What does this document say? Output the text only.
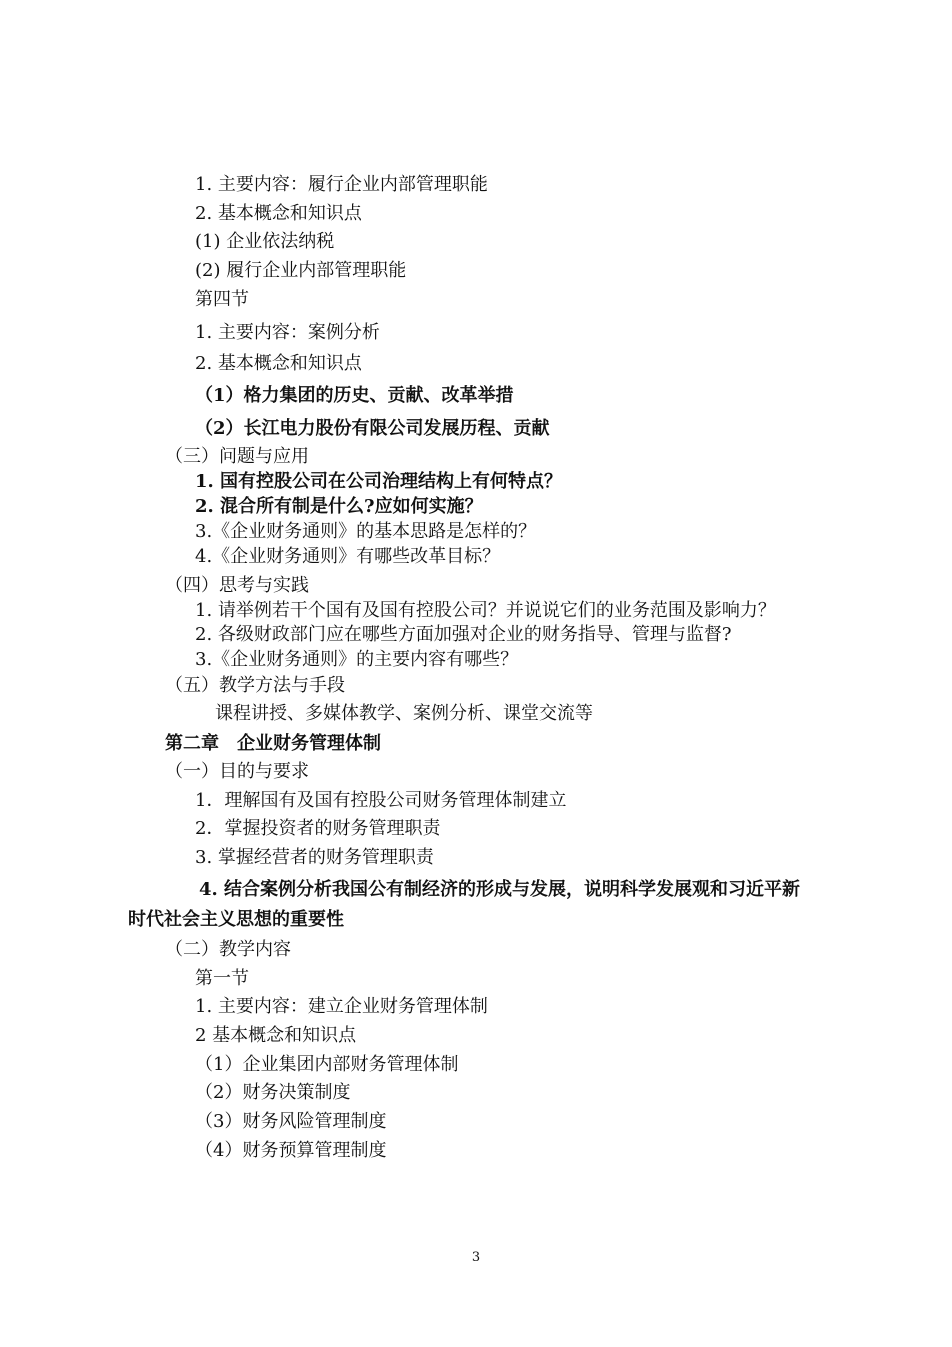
1. 主要内容：履行企业内部管理职能
2. 基本概念和知识点
(1) 企业依法纳税
(2) 履行企业内部管理职能
第四节
1. 主要内容：案例分析
2. 基本概念和知识点
（1）格力集团的历史、贡献、改革举措
（2）长江电力股份有限公司发展历程、贡献
（三）问题与应用
1. 国有控股公司在公司治理结构上有何特点？
2. 混合所有制是什么?应如何实施？
3.《企业财务通则》的基本思路是怎样的？
4.《企业财务通则》有哪些改革目标？
（四）思考与实践
1. 请举例若干个国有及国有控股公司？并说说它们的业务范围及影响力？
2. 各级财政部门应在哪些方面加强对企业的财务指导、管理与监督?
3.《企业财务通则》的主要内容有哪些？
（五）教学方法与手段
课程讲授、多媒体教学、案例分析、课堂交流等
第二章　企业财务管理体制
（一）目的与要求
1．理解国有及国有控股公司财务管理体制建立
2．掌握投资者的财务管理职责
3. 掌握经营者的财务管理职责
4. 结合案例分析我国公有制经济的形成与发展，说明科学发展观和习近平新
时代社会主义思想的重要性
（二）教学内容
第一节
1. 主要内容：建立企业财务管理体制
2 基本概念和知识点
（1）企业集团内部财务管理体制
（2）财务决策制度
（3）财务风险管理制度
（4）财务预算管理制度
3
